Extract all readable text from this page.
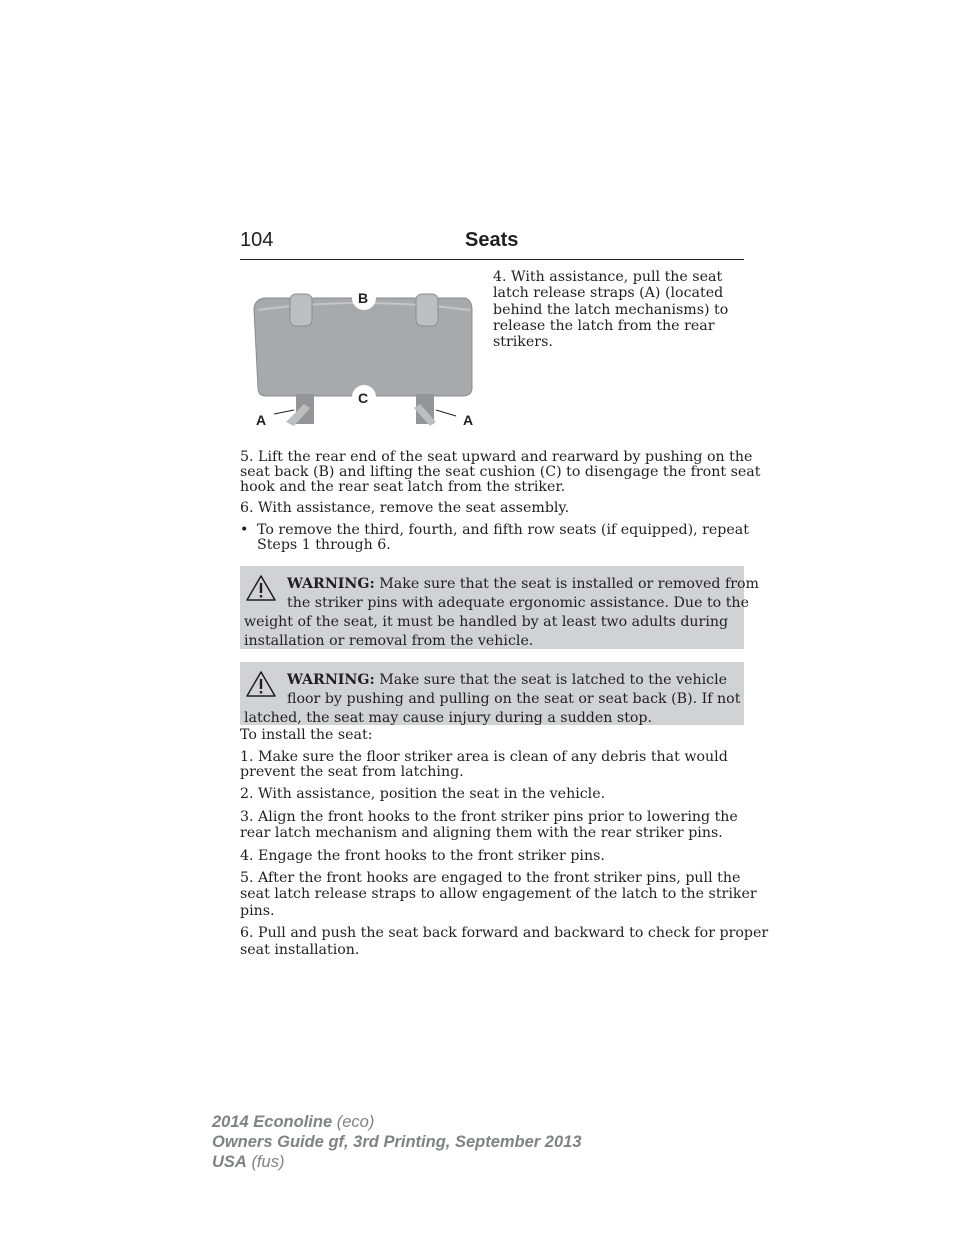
104	Seats
B
C
A	A
4. With assistance, pull the seat
latch release straps (A) (located
behind the latch mechanisms) to
release the latch from the rear
strikers.
5. Lift the rear end of the seat upward and rearward by pushing on the
seat back (B) and lifting the seat cushion (C) to disengage the front seat
hook and the rear seat latch from the striker.
6. With assistance, remove the seat assembly.
• To remove the third, fourth, and fifth row seats (if equipped), repeat
Steps 1 through 6.
WARNING: Make sure that the seat is installed or removed from
the striker pins with adequate ergonomic assistance. Due to the
weight of the seat, it must be handled by at least two adults during
installation or removal from the vehicle.
WARNING: Make sure that the seat is latched to the vehicle
floor by pushing and pulling on the seat or seat back (B). If not
latched, the seat may cause injury during a sudden stop.
To install the seat:
1. Make sure the floor striker area is clean of any debris that would
prevent the seat from latching.
2. With assistance, position the seat in the vehicle.
3. Align the front hooks to the front striker pins prior to lowering the
rear latch mechanism and aligning them with the rear striker pins.
4. Engage the front hooks to the front striker pins.
5. After the front hooks are engaged to the front striker pins, pull the
seat latch release straps to allow engagement of the latch to the striker
pins.
6. Pull and push the seat back forward and backward to check for proper
seat installation.
2014 Econoline (eco)
Owners Guide gf, 3rd Printing, September 2013
USA (fus)
